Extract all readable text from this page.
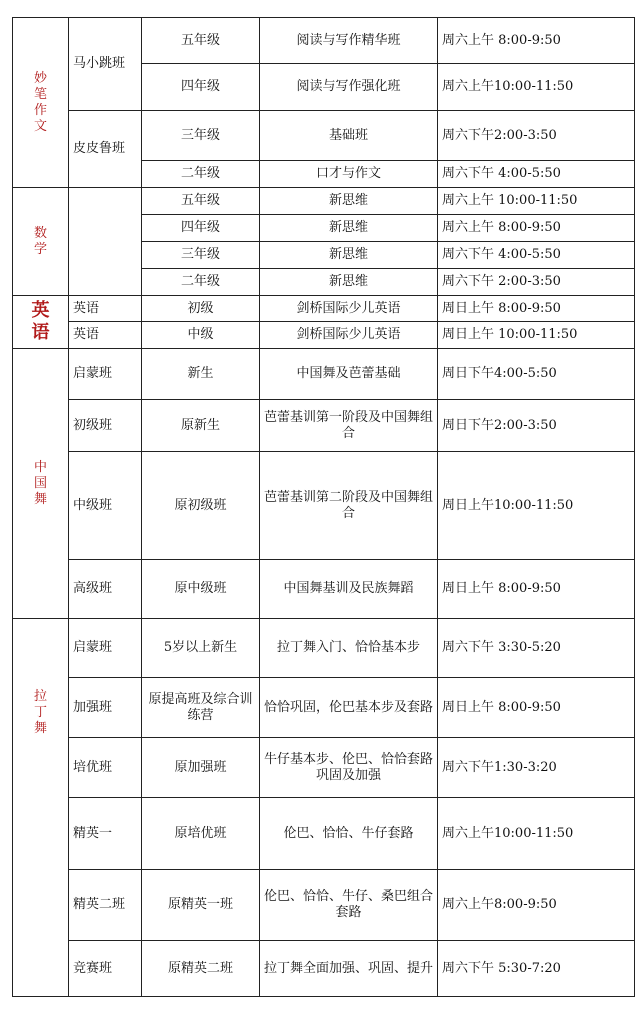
妙笔作文	马小跳班	五年级	阅读与写作精华班	周六上午 8:00-9:50
		四年级	阅读与写作强化班	周六上午10:00-11:50
	皮皮鲁班	三年级	基础班	周六下午2:00-3:50
		二年级	口才与作文	周六下午 4:00-5:50
数学		五年级	新思维	周六上午 10:00-11:50
		四年级	新思维	周六上午 8:00-9:50
		三年级	新思维	周六下午 4:00-5:50
		二年级	新思维	周六下午 2:00-3:50
英语	英语	初级	剑桥国际少儿英语	周日上午 8:00-9:50
	英语	中级	剑桥国际少儿英语	周日上午 10:00-11:50
中国舞	启蒙班	新生	中国舞及芭蕾基础	周日下午4:00-5:50
	初级班	原新生	芭蕾基训第一阶段及中国舞组合	周日下午2:00-3:50
	中级班	原初级班	芭蕾基训第二阶段及中国舞组合	周日上午10:00-11:50
	高级班	原中级班	中国舞基训及民族舞蹈	周日上午 8:00-9:50
拉丁舞	启蒙班	5岁以上新生	拉丁舞入门、恰恰基本步	周六下午 3:30-5:20
	加强班	原提高班及综合训练营	恰恰巩固，伦巴基本步及套路	周日上午 8:00-9:50
	培优班	原加强班	牛仔基本步、伦巴、恰恰套路巩固及加强	周六下午1:30-3:20
	精英一	原培优班	伦巴、恰恰、牛仔套路	周六上午10:00-11:50
	精英二班	原精英一班	伦巴、恰恰、牛仔、桑巴组合套路	周六上午8:00-9:50
	竞赛班	原精英二班	拉丁舞全面加强、巩固、提升	周六下午 5:30-7:20
